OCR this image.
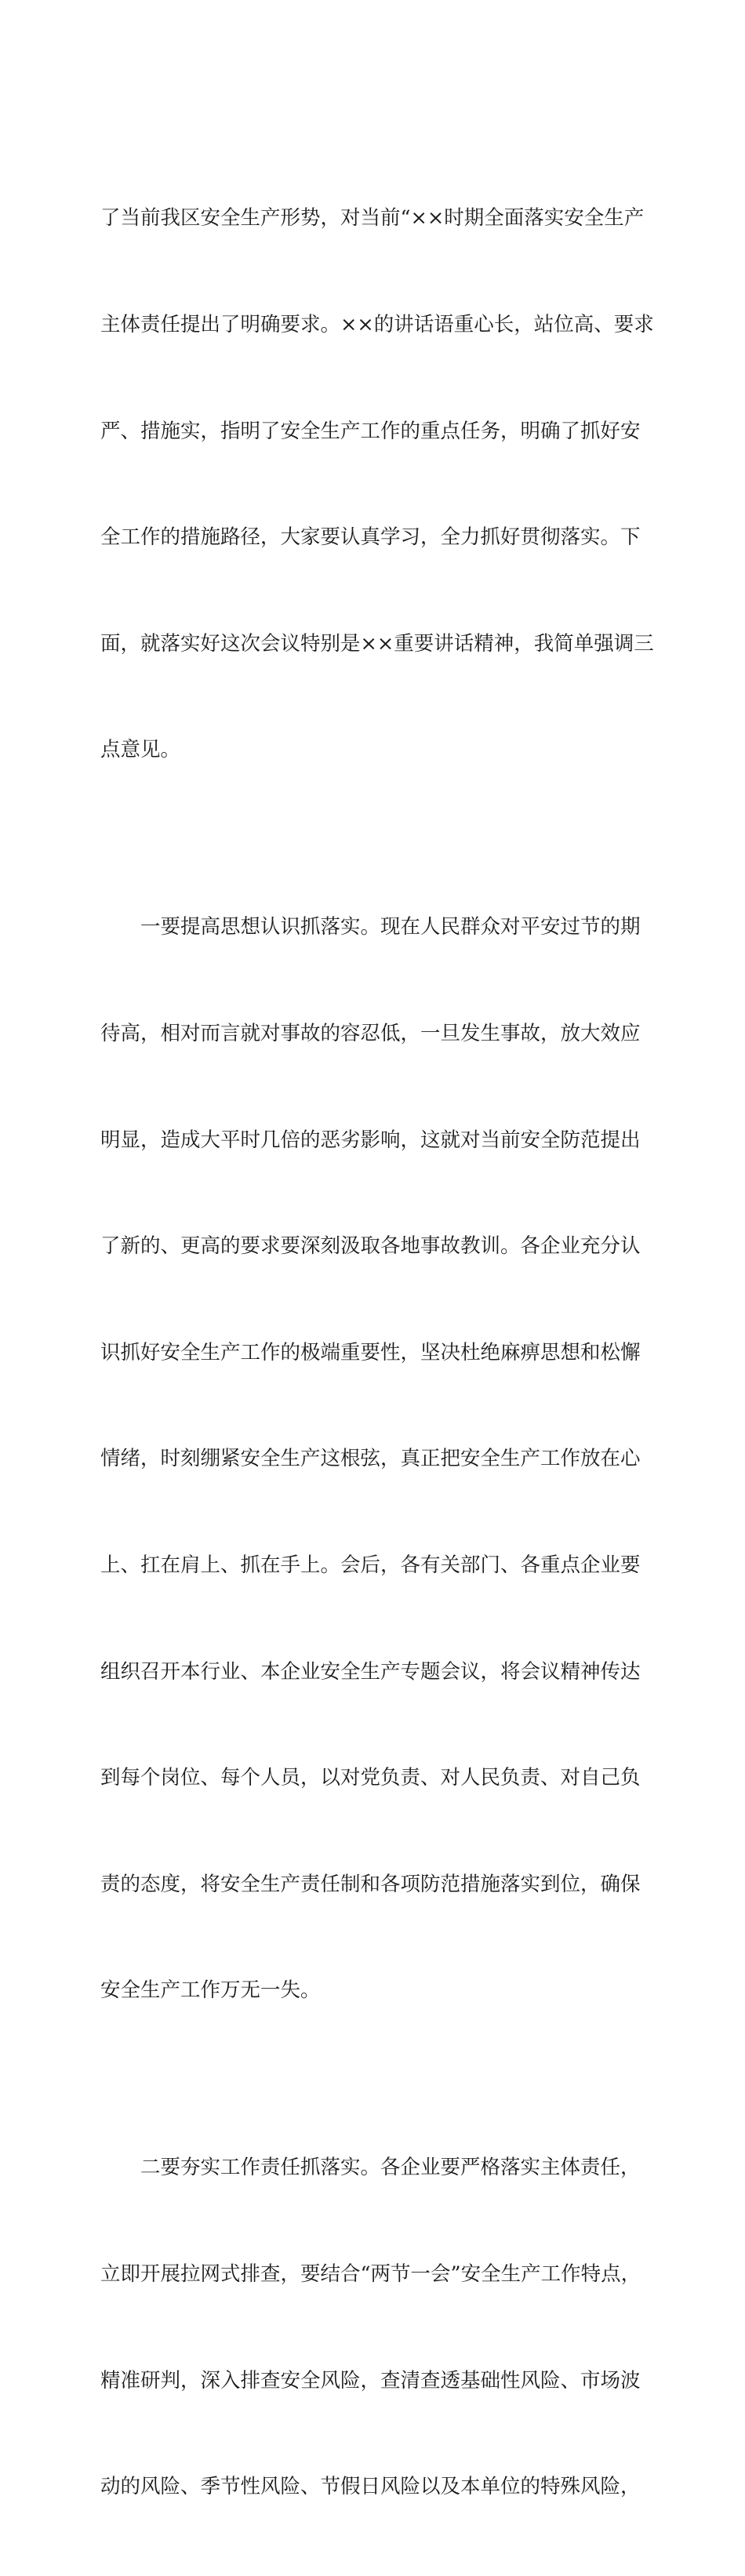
了当前我区安全生产形势，对当前“××时期全面落实安全生产

主体责任提出了明确要求。××的讲话语重心长，站位高、要求

严、措施实，指明了安全生产工作的重点任务，明确了抓好安

全工作的措施路径，大家要认真学习，全力抓好贯彻落实。下

面，就落实好这次会议特别是××重要讲话精神，我简单强调三

点意见。

一要提高思想认识抓落实。现在人民群众对平安过节的期

待高，相对而言就对事故的容忍低，一旦发生事故，放大效应

明显，造成大平时几倍的恶劣影响，这就对当前安全防范提出

了新的、更高的要求要深刻汲取各地事故教训。各企业充分认

识抓好安全生产工作的极端重要性，坚决杜绝麻痹思想和松懈

情绪，时刻绷紧安全生产这根弦，真正把安全生产工作放在心

上、扛在肩上、抓在手上。会后，各有关部门、各重点企业要

组织召开本行业、本企业安全生产专题会议，将会议精神传达

到每个岗位、每个人员，以对党负责、对人民负责、对自己负

责的态度，将安全生产责任制和各项防范措施落实到位，确保

安全生产工作万无一失。

二要夯实工作责任抓落实。各企业要严格落实主体责任，

立即开展拉网式排查，要结合“两节一会”安全生产工作特点，

精准研判，深入排查安全风险，查清查透基础性风险、市场波

动的风险、季节性风险、节假日风险以及本单位的特殊风险，
